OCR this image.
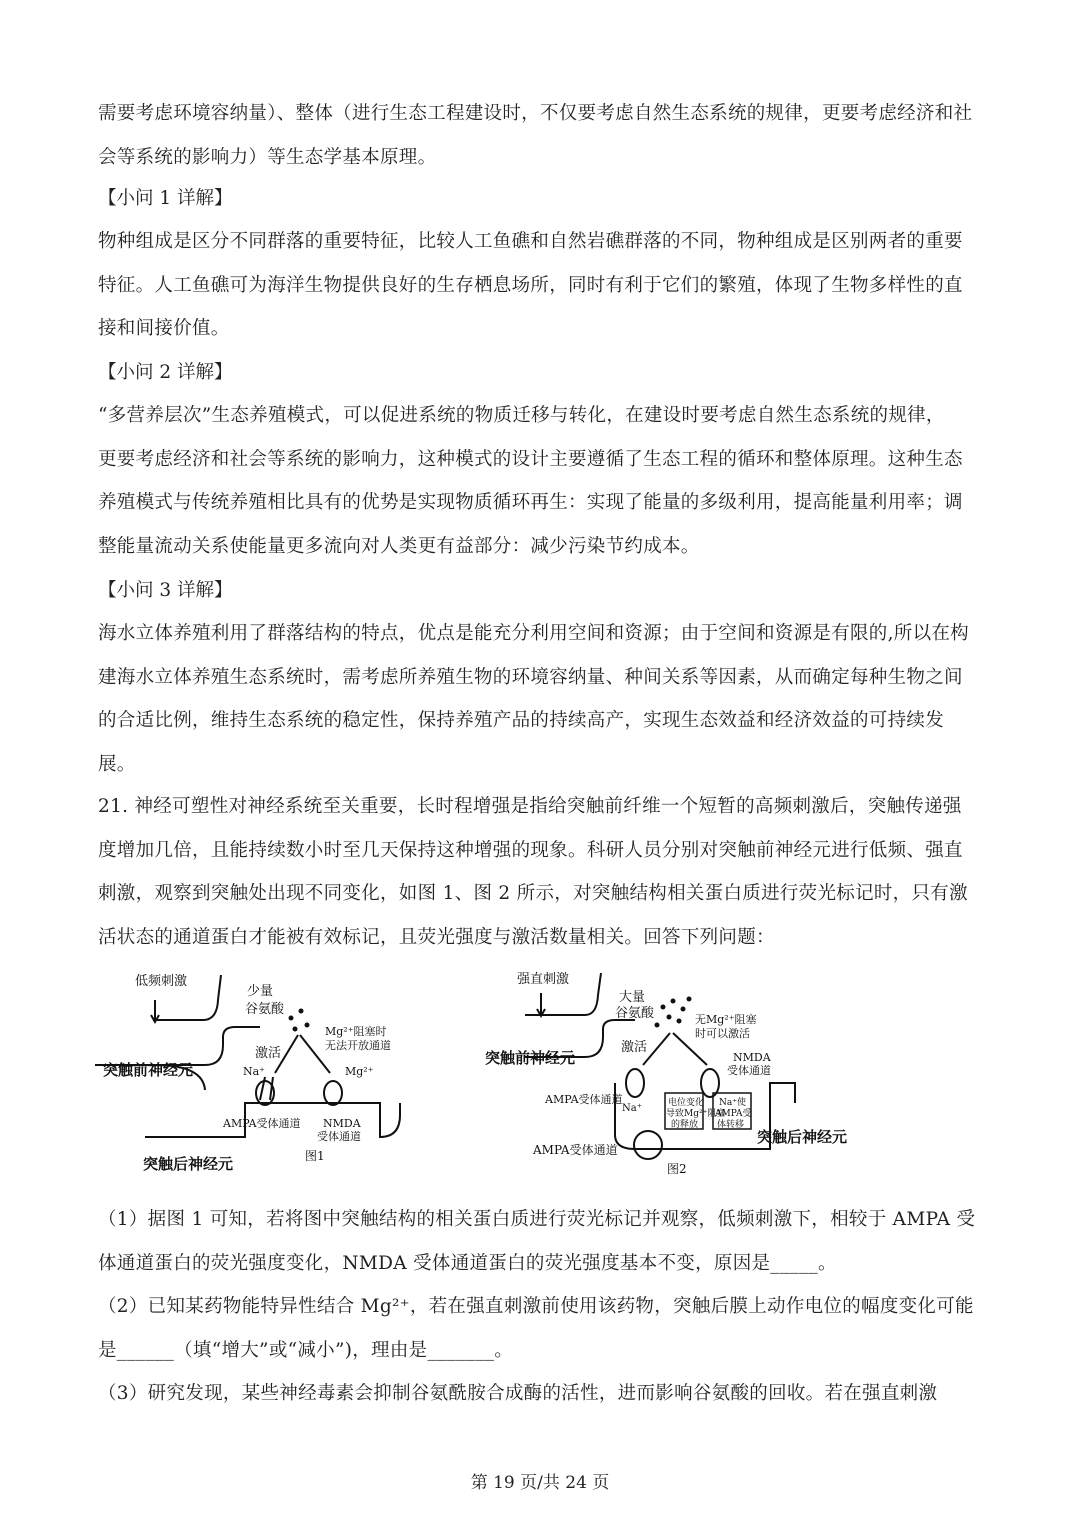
需要考虑环境容纳量）、整体（进行生态工程建设时，不仅要考虑自然生态系统的规律，更要考虑经济和社
会等系统的影响力）等生态学基本原理。

【小问 1 详解】

物种组成是区分不同群落的重要特征，比较人工鱼礁和自然岩礁群落的不同，物种组成是区别两者的重要
特征。人工鱼礁可为海洋生物提供良好的生存栖息场所，同时有利于它们的繁殖，体现了生物多样性的直
接和间接价值。

【小问 2 详解】

“多营养层次”生态养殖模式，可以促进系统的物质迁移与转化，在建设时要考虑自然生态系统的规律，
更要考虑经济和社会等系统的影响力，这种模式的设计主要遵循了生态工程的循环和整体原理。这种生态
养殖模式与传统养殖相比具有的优势是实现物质循环再生：实现了能量的多级利用，提高能量利用率；调
整能量流动关系使能量更多流向对人类更有益部分：减少污染节约成本。

【小问 3 详解】

海水立体养殖利用了群落结构的特点，优点是能充分利用空间和资源；由于空间和资源是有限的,所以在构
建海水立体养殖生态系统时，需考虑所养殖生物的环境容纳量、种间关系等因素，从而确定每种生物之间
的合适比例，维持生态系统的稳定性，保持养殖产品的持续高产，实现生态效益和经济效益的可持续发
展。

21. 神经可塑性对神经系统至关重要，长时程增强是指给突触前纤维一个短暂的高频刺激后，突触传递强
度增加几倍，且能持续数小时至几天保持这种增强的现象。科研人员分别对突触前神经元进行低频、强直
刺激，观察到突触处出现不同变化，如图 1、图 2 所示，对突触结构相关蛋白质进行荧光标记时，只有激
活状态的通道蛋白才能被有效标记，且荧光强度与激活数量相关。回答下列问题：

低频刺激
少量
谷氨酸
Mg²⁺阻塞时
无法开放通道
激活
Na⁺	Mg²⁺
突触前神经元
AMPA受体通道 NMDA
受体通道
突触后神经元	图1
强直刺激
大量
谷氨酸	无Mg²⁺阻塞
时可以激活
激活
突触前神经元	NMDA
受体通道
AMPA受体通道
Na⁺	电位变化
导致Mg²⁺阻塞
的释放
Na⁺使
AMPA受
体转移
突触后神经元
AMPA受体通道
图2

（1）据图 1 可知，若将图中突触结构的相关蛋白质进行荧光标记并观察，低频刺激下，相较于 AMPA 受
体通道蛋白的荧光强度变化，NMDA 受体通道蛋白的荧光强度基本不变，原因是_____。

（2）已知某药物能特异性结合 Mg²⁺，若在强直刺激前使用该药物，突触后膜上动作电位的幅度变化可能
是______（填“增大”或“减小”)，理由是_______。

（3）研究发现，某些神经毒素会抑制谷氨酰胺合成酶的活性，进而影响谷氨酸的回收。若在强直刺激

第 19 页/共 24 页
